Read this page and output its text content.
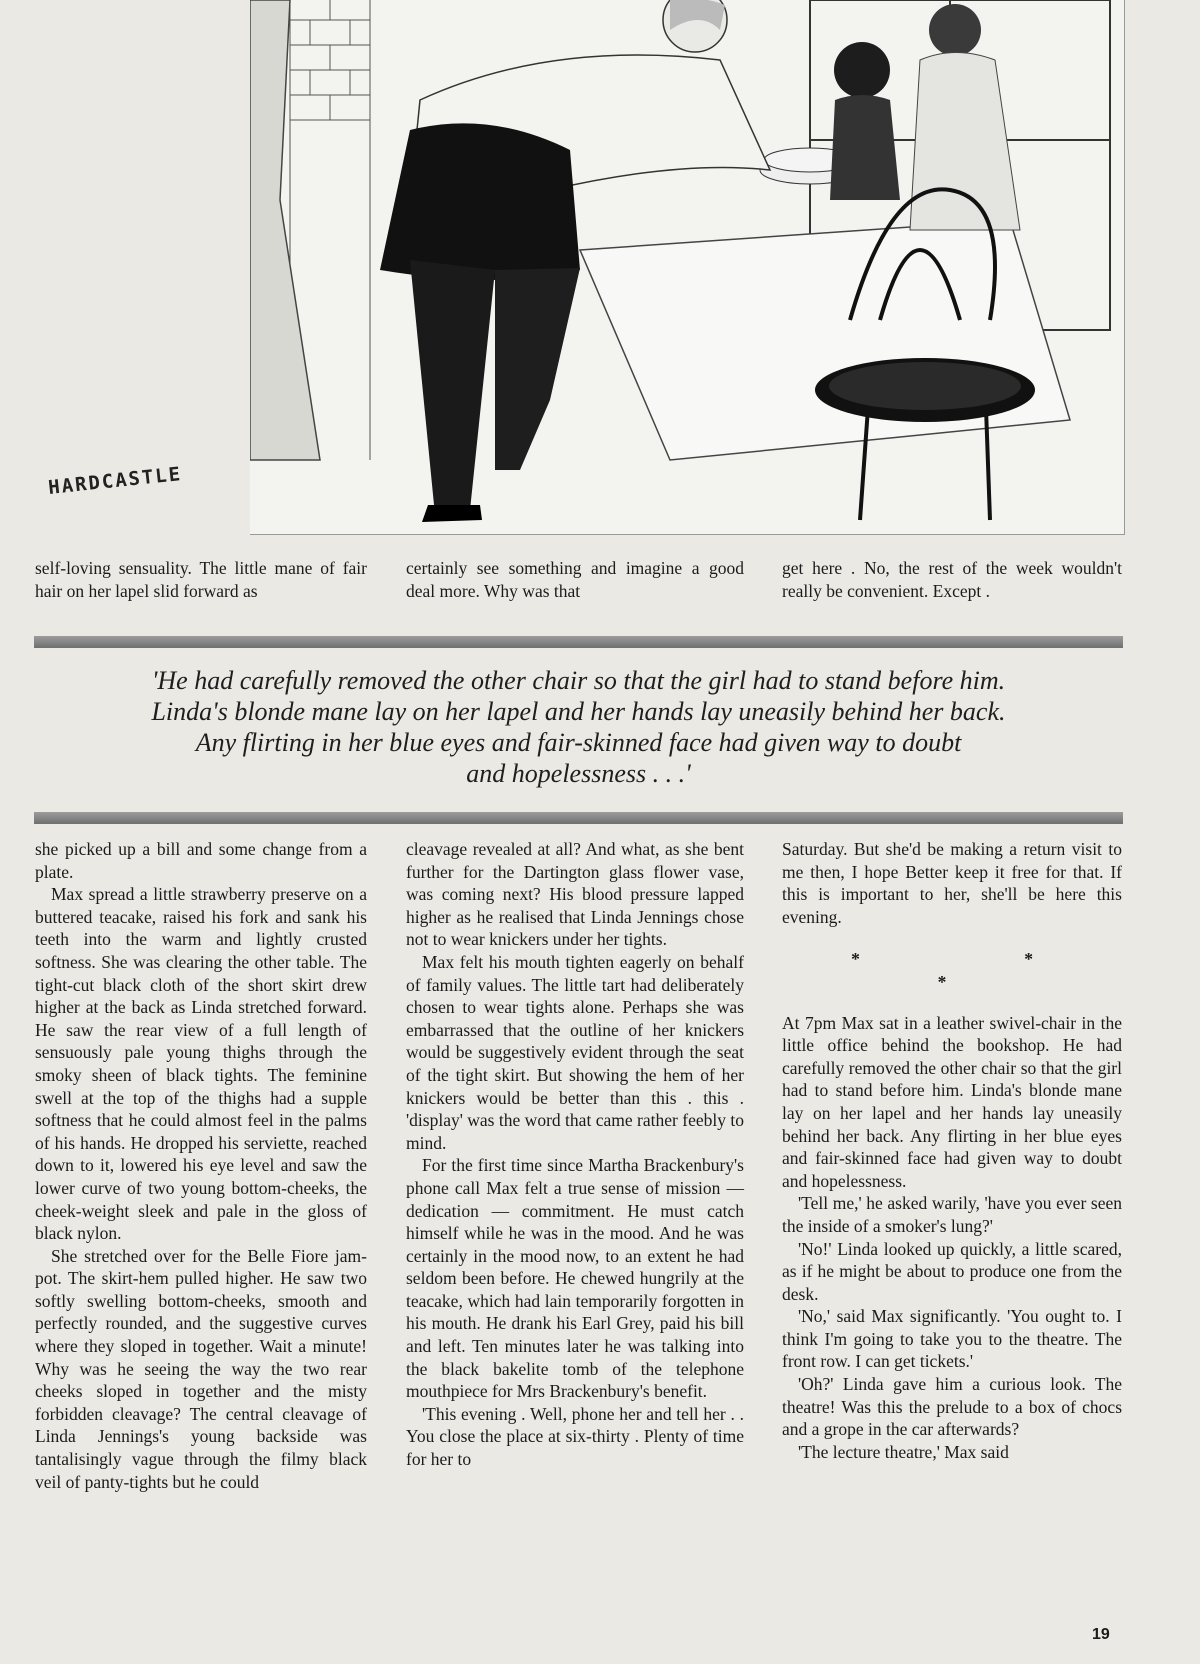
HARDCASTLE

self-loving sensuality. The little mane of fair hair on her lapel slid forward as

certainly see something and imagine a good deal more. Why was that

get here . No, the rest of the week wouldn't really be convenient. Except .

'He had carefully removed the other chair so that the girl had to stand before him.

Linda's blonde mane lay on her lapel and her hands lay uneasily behind her back.

Any flirting in her blue eyes and fair-skinned face had given way to doubt

and hopelessness . . .'

she picked up a bill and some change from a plate.

Max spread a little strawberry preserve on a buttered teacake, raised his fork and sank his teeth into the warm and lightly crusted softness. She was clearing the other table. The tight-cut black cloth of the short skirt drew higher at the back as Linda stretched forward. He saw the rear view of a full length of sensuously pale young thighs through the smoky sheen of black tights. The feminine swell at the top of the thighs had a supple softness that he could almost feel in the palms of his hands. He dropped his serviette, reached down to it, lowered his eye level and saw the lower curve of two young bottom-cheeks, the cheek-weight sleek and pale in the gloss of black nylon.

She stretched over for the Belle Fiore jam-pot. The skirt-hem pulled higher. He saw two softly swelling bottom-cheeks, smooth and perfectly rounded, and the suggestive curves where they sloped in together. Wait a minute! Why was he seeing the way the two rear cheeks sloped in together and the misty forbidden cleavage? The central cleavage of Linda Jennings's young backside was tantalisingly vague through the filmy black veil of panty-tights but he could

cleavage revealed at all? And what, as she bent further for the Dartington glass flower vase, was coming next? His blood pressure lapped higher as he realised that Linda Jennings chose not to wear knickers under her tights.

Max felt his mouth tighten eagerly on behalf of family values. The little tart had deliberately chosen to wear tights alone. Perhaps she was embarrassed that the outline of her knickers would be suggestively evident through the seat of the tight skirt. But showing the hem of her knickers would be better than this . this . 'display' was the word that came rather feebly to mind.

For the first time since Martha Brackenbury's phone call Max felt a true sense of mission — dedication — commitment. He must catch himself while he was in the mood. And he was certainly in the mood now, to an extent he had seldom been before. He chewed hungrily at the teacake, which had lain temporarily forgotten in his mouth. He drank his Earl Grey, paid his bill and left. Ten minutes later he was talking into the black bakelite tomb of the telephone mouthpiece for Mrs Brackenbury's benefit.

'This evening . Well, phone her and tell her . . You close the place at six-thirty . Plenty of time for her to

Saturday. But she'd be making a return visit to me then, I hope Better keep it free for that. If this is important to her, she'll be here this evening.

* * *

At 7pm Max sat in a leather swivel-chair in the little office behind the bookshop. He had carefully removed the other chair so that the girl had to stand before him. Linda's blonde mane lay on her lapel and her hands lay uneasily behind her back. Any flirting in her blue eyes and fair-skinned face had given way to doubt and hopelessness.

'Tell me,' he asked warily, 'have you ever seen the inside of a smoker's lung?'

'No!' Linda looked up quickly, a little scared, as if he might be about to produce one from the desk.

'No,' said Max significantly. 'You ought to. I think I'm going to take you to the theatre. The front row. I can get tickets.'

'Oh?' Linda gave him a curious look. The theatre! Was this the prelude to a box of chocs and a grope in the car afterwards?

'The lecture theatre,' Max said

19
